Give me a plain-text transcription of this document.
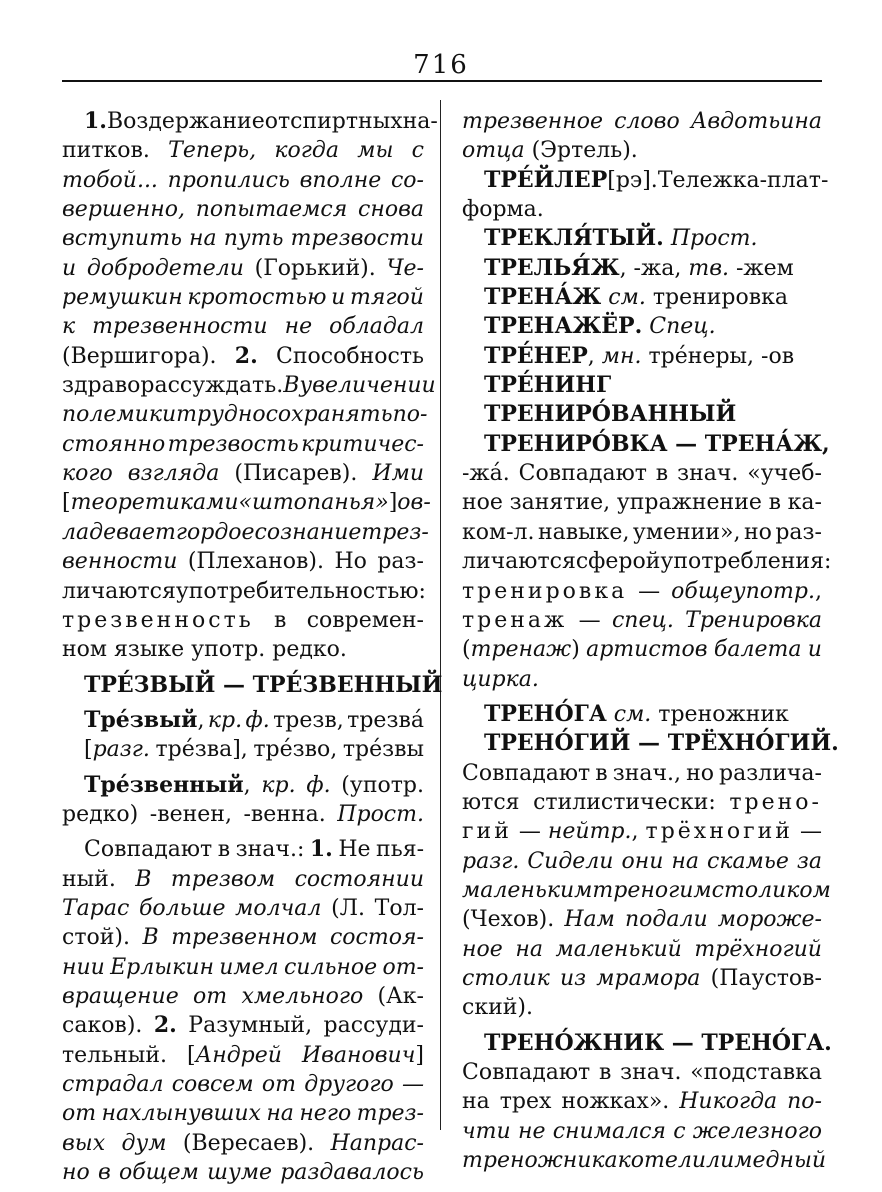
716
1. Воздержание от спиртных на-
питков. Теперь, когда мы с
тобой... пропились вполне со-
вершенно, попытаемся снова
вступить на путь трезвости
и добродетели (Горький). Че-
ремушкин кротостью и тягой
к трезвенности не обладал
(Вершигора). 2. Способность
здраво рассуждать. В увеличении
полемики трудно сохранять по-
стоянно трезвость критичес-
кого взгляда (Писарев). Ими
[теоретиками «штопанья»] ов-
ладевает гордое сознание трез-
венности (Плеханов). Но раз-
личаются употребительностью:
трезвенность в современ-
ном языке употр. редко.
ТРЕ́ЗВЫЙ — ТРЕ́ЗВЕННЫЙ
Тре́звый, кр. ф. трезв, трезва́
[разг. тре́зва], тре́зво, тре́звы
Тре́звенный, кр. ф. (употр.
редко) -венен, -венна. Прост.
Совпадают в знач.: 1. Не пья-
ный. В трезвом состоянии
Тарас больше молчал (Л. Тол-
стой). В трезвенном состоя-
нии Ерлыкин имел сильное от-
вращение от хмельного (Ак-
саков). 2. Разумный, рассуди-
тельный. [Андрей Иванович]
страдал совсем от другого —
от нахлынувших на него трез-
вых дум (Вересаев). Напрас-
но в общем шуме раздавалось
трезвенное слово Авдотьина
отца (Эртель).
ТРЕ́ЙЛЕР [рэ]. Тележка-плат-
форма.
ТРЕКЛЯ́ТЫЙ. Прост.
ТРЕЛЬЯ́Ж, -жа, тв. -жем
ТРЕНА́Ж см. тренировка
ТРЕНАЖЁР. Спец.
ТРЕ́НЕР, мн. тре́неры, -ов
ТРЕ́НИНГ
ТРЕНИРО́ВАННЫЙ
ТРЕНИРО́ВКА — ТРЕНА́Ж,
-жа́. Совпадают в знач. «учеб-
ное занятие, упражнение в ка-
ком-л. навыке, умении», но раз-
личаются сферой употребления:
тренировка — общеупотр.,
тренаж — спец. Тренировка
(тренаж) артистов балета и
цирка.
ТРЕНО́ГА см. треножник
ТРЕНО́ГИЙ — ТРЁХНО́ГИЙ.
Совпадают в знач., но различа-
ются стилистически: трено-
гий — нейтр., трёхногий —
разг. Сидели они на скамье за
маленьким треногим столиком
(Чехов). Нам подали мороже-
ное на маленький трёхногий
столик из мрамора (Паустов-
ский).
ТРЕНО́ЖНИК — ТРЕНО́ГА.
Совпадают в знач. «подставка
на трех ножках». Никогда по-
чти не снимался с железного
треножника котел или медный
